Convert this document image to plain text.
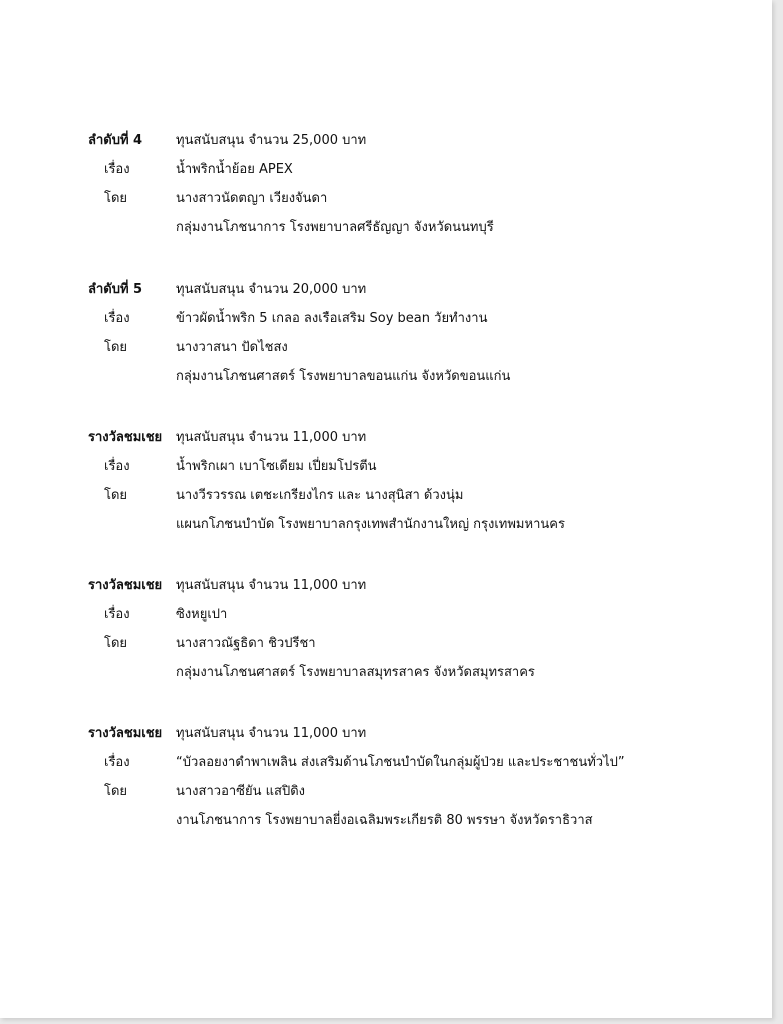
ลำดับที่ 4	ทุนสนับสนุน จำนวน 25,000 บาท
เรื่อง	น้ำพริกน้ำย้อย APEX
โดย	นางสาวนัดตญา เวียงจันดา
กลุ่มงานโภชนาการ โรงพยาบาลศรีธัญญา จังหวัดนนทบุรี
ลำดับที่ 5	ทุนสนับสนุน จำนวน 20,000 บาท
เรื่อง	ข้าวผัดน้ำพริก 5 เกลอ ลงเรือเสริม Soy bean วัยทำงาน
โดย	นางวาสนา ปัดไชสง
กลุ่มงานโภชนศาสตร์ โรงพยาบาลขอนแก่น จังหวัดขอนแก่น
รางวัลชมเชย ทุนสนับสนุน จำนวน 11,000 บาท
เรื่อง	น้ำพริกเผา เบาโซเดียม เปี่ยมโปรตีน
โดย	นางวีรวรรณ เตชะเกรียงไกร และ นางสุนิสา ด้วงนุ่ม
แผนกโภชนบำบัด โรงพยาบาลกรุงเทพสำนักงานใหญ่ กรุงเทพมหานคร
รางวัลชมเชย ทุนสนับสนุน จำนวน 11,000 บาท
เรื่อง	ซิงหยูเปา
โดย	นางสาวณัฐธิดา ชิวปรีชา
กลุ่มงานโภชนศาสตร์ โรงพยาบาลสมุทรสาคร จังหวัดสมุทรสาคร
รางวัลชมเชย ทุนสนับสนุน จำนวน 11,000 บาท
เรื่อง	“บัวลอยงาดำพาเพลิน ส่งเสริมด้านโภชนบำบัดในกลุ่มผู้ป่วย และประชาชนทั่วไป”
โดย	นางสาวอาซียัน แสปิดิง
งานโภชนาการ โรงพยาบาลยี่งอเฉลิมพระเกียรติ 80 พรรษา จังหวัดราธิวาส
